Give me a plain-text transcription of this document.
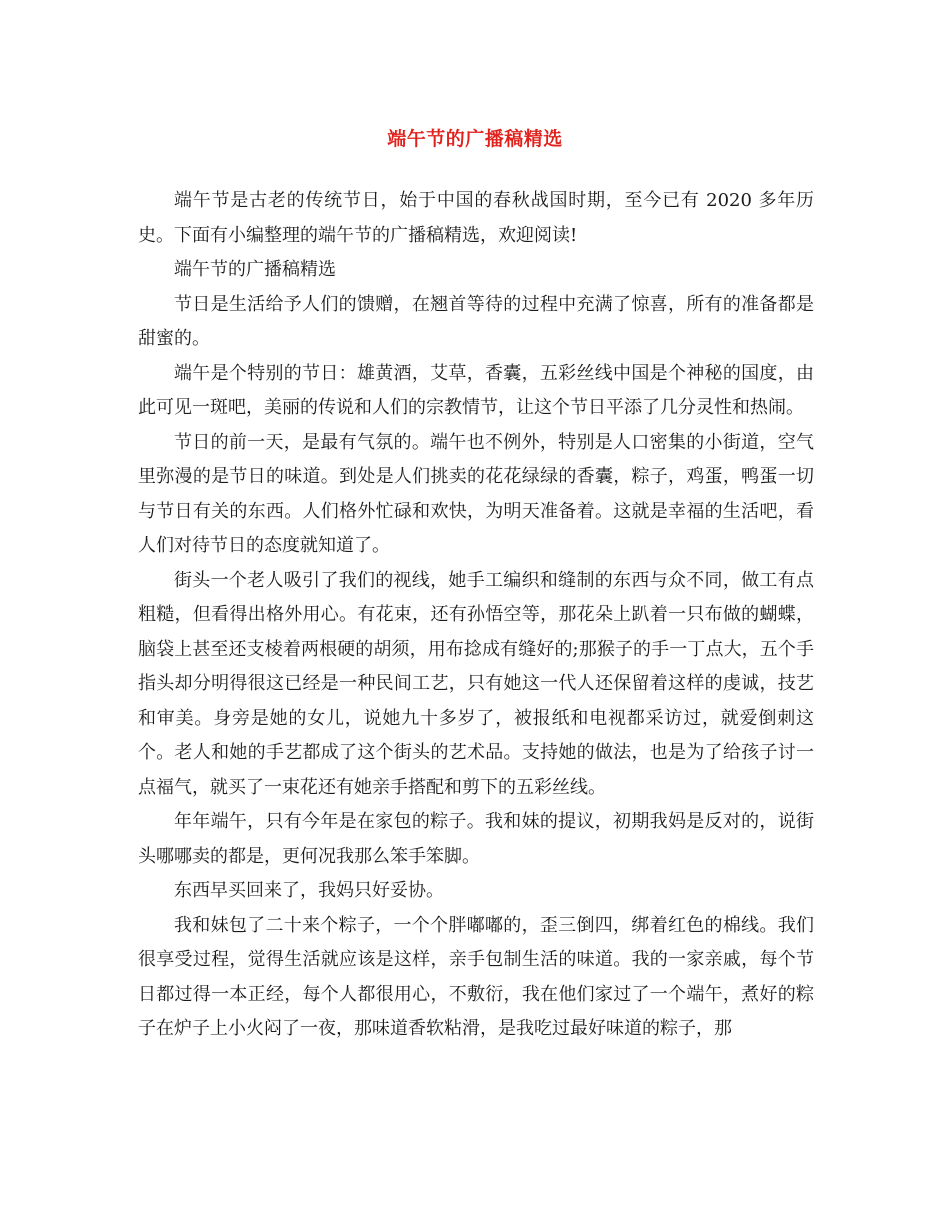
端午节的广播稿精选

端午节是古老的传统节日，始于中国的春秋战国时期，至今已有 2020 多年历史。下面有小编整理的端午节的广播稿精选，欢迎阅读!

端午节的广播稿精选

节日是生活给予人们的馈赠，在翘首等待的过程中充满了惊喜，所有的准备都是甜蜜的。

端午是个特别的节日：雄黄酒，艾草，香囊，五彩丝线中国是个神秘的国度，由此可见一斑吧，美丽的传说和人们的宗教情节，让这个节日平添了几分灵性和热闹。

节日的前一天，是最有气氛的。端午也不例外，特别是人口密集的小街道，空气里弥漫的是节日的味道。到处是人们挑卖的花花绿绿的香囊，粽子，鸡蛋，鸭蛋一切与节日有关的东西。人们格外忙碌和欢快，为明天准备着。这就是幸福的生活吧，看人们对待节日的态度就知道了。

街头一个老人吸引了我们的视线，她手工编织和缝制的东西与众不同，做工有点粗糙，但看得出格外用心。有花束，还有孙悟空等，那花朵上趴着一只布做的蝴蝶，脑袋上甚至还支棱着两根硬的胡须，用布捻成有缝好的;那猴子的手一丁点大，五个手指头却分明得很这已经是一种民间工艺，只有她这一代人还保留着这样的虔诚，技艺和审美。身旁是她的女儿，说她九十多岁了，被报纸和电视都采访过，就爱倒刺这个。老人和她的手艺都成了这个街头的艺术品。支持她的做法，也是为了给孩子讨一点福气，就买了一束花还有她亲手搭配和剪下的五彩丝线。

年年端午，只有今年是在家包的粽子。我和妹的提议，初期我妈是反对的，说街头哪哪卖的都是，更何况我那么笨手笨脚。

东西早买回来了，我妈只好妥协。

我和妹包了二十来个粽子，一个个胖嘟嘟的，歪三倒四，绑着红色的棉线。我们很享受过程，觉得生活就应该是这样，亲手包制生活的味道。我的一家亲戚，每个节日都过得一本正经，每个人都很用心，不敷衍，我在他们家过了一个端午，煮好的粽子在炉子上小火闷了一夜，那味道香软粘滑，是我吃过最好味道的粽子，那
